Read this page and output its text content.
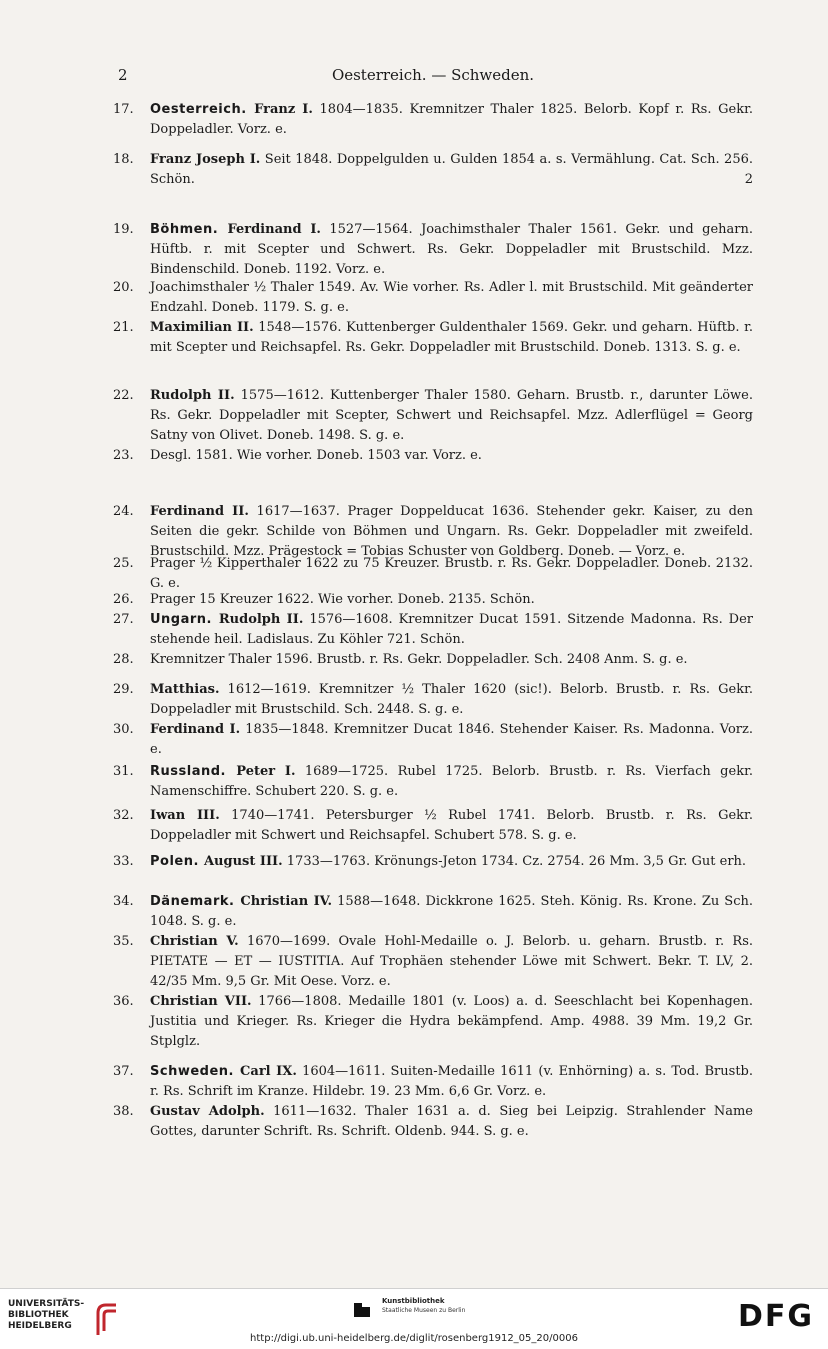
2	Oesterreich. — Schweden.
17.	Oesterreich. Franz I. 1804—1835. Kremnitzer Thaler 1825. Belorb. Kopf r. Rs. Gekr. Doppeladler. Vorz. e.
18.	Franz Joseph I. Seit 1848. Doppelgulden u. Gulden 1854 a. s. Vermählung. Cat. Sch. 256. Schön.	2
19.	Böhmen. Ferdinand I. 1527—1564. Joachimsthaler Thaler 1561. Gekr. und geharn. Hüftb. r. mit Scepter und Schwert. Rs. Gekr. Doppeladler mit Brustschild. Mzz. Bindenschild. Doneb. 1192. Vorz. e.
20.	Joachimsthaler ½ Thaler 1549. Av. Wie vorher. Rs. Adler l. mit Brustschild. Mit geänderter Endzahl. Doneb. 1179. S. g. e.
21.	Maximilian II. 1548—1576. Kuttenberger Guldenthaler 1569. Gekr. und geharn. Hüftb. r. mit Scepter und Reichsapfel. Rs. Gekr. Doppeladler mit Brustschild. Doneb. 1313. S. g. e.
22.	Rudolph II. 1575—1612. Kuttenberger Thaler 1580. Geharn. Brustb. r., darunter Löwe. Rs. Gekr. Doppeladler mit Scepter, Schwert und Reichsapfel. Mzz. Adlerflügel = Georg Satny von Olivet. Doneb. 1498. S. g. e.
23.	Desgl. 1581. Wie vorher. Doneb. 1503 var. Vorz. e.
24.	Ferdinand II. 1617—1637. Prager Doppelducat 1636. Stehender gekr. Kaiser, zu den Seiten die gekr. Schilde von Böhmen und Ungarn. Rs. Gekr. Doppeladler mit zweifeld. Brustschild. Mzz. Prägestock = Tobias Schuster von Goldberg. Doneb. — Vorz. e.
25.	Prager ½ Kipperthaler 1622 zu 75 Kreuzer. Brustb. r. Rs. Gekr. Doppeladler. Doneb. 2132. G. e.
26.	Prager 15 Kreuzer 1622. Wie vorher. Doneb. 2135. Schön.
27.	Ungarn. Rudolph II. 1576—1608. Kremnitzer Ducat 1591. Sitzende Madonna. Rs. Der stehende heil. Ladislaus. Zu Köhler 721. Schön.
28.	Kremnitzer Thaler 1596. Brustb. r. Rs. Gekr. Doppeladler. Sch. 2408 Anm. S. g. e.
29.	Matthias. 1612—1619. Kremnitzer ½ Thaler 1620 (sic!). Belorb. Brustb. r. Rs. Gekr. Doppeladler mit Brustschild. Sch. 2448. S. g. e.
30.	Ferdinand I. 1835—1848. Kremnitzer Ducat 1846. Stehender Kaiser. Rs. Madonna. Vorz. e.
31.	Russland. Peter I. 1689—1725. Rubel 1725. Belorb. Brustb. r. Rs. Vierfach gekr. Namenschiffre. Schubert 220. S. g. e.
32.	Iwan III. 1740—1741. Petersburger ½ Rubel 1741. Belorb. Brustb. r. Rs. Gekr. Doppeladler mit Schwert und Reichsapfel. Schubert 578. S. g. e.
33.	Polen. August III. 1733—1763. Krönungs-Jeton 1734. Cz. 2754. 26 Mm. 3,5 Gr. Gut erh.
34.	Dänemark. Christian IV. 1588—1648. Dickkrone 1625. Steh. König. Rs. Krone. Zu Sch. 1048. S. g. e.
35.	Christian V. 1670—1699. Ovale Hohl-Medaille o. J. Belorb. u. geharn. Brustb. r. Rs. PIETATE — ET — IUSTITIA. Auf Trophäen stehender Löwe mit Schwert. Bekr. T. LV, 2. 42/35 Mm. 9,5 Gr. Mit Oese. Vorz. e.
36.	Christian VII. 1766—1808. Medaille 1801 (v. Loos) a. d. Seeschlacht bei Kopenhagen. Justitia und Krieger. Rs. Krieger die Hydra bekämpfend. Amp. 4988. 39 Mm. 19,2 Gr. Stplglz.
37.	Schweden. Carl IX. 1604—1611. Suiten-Medaille 1611 (v. Enhörning) a. s. Tod. Brustb. r. Rs. Schrift im Kranze. Hildebr. 19. 23 Mm. 6,6 Gr. Vorz. e.
38.	Gustav Adolph. 1611—1632. Thaler 1631 a. d. Sieg bei Leipzig. Strahlender Name Gottes, darunter Schrift. Rs. Schrift. Oldenb. 944. S. g. e.
UNIVERSITÄTS-
BIBLIOTHEK
HEIDELBERG
Kunstbibliothek
Staatliche Museen zu Berlin	DFG
http://digi.ub.uni-heidelberg.de/diglit/rosenberg1912_05_20/0006
